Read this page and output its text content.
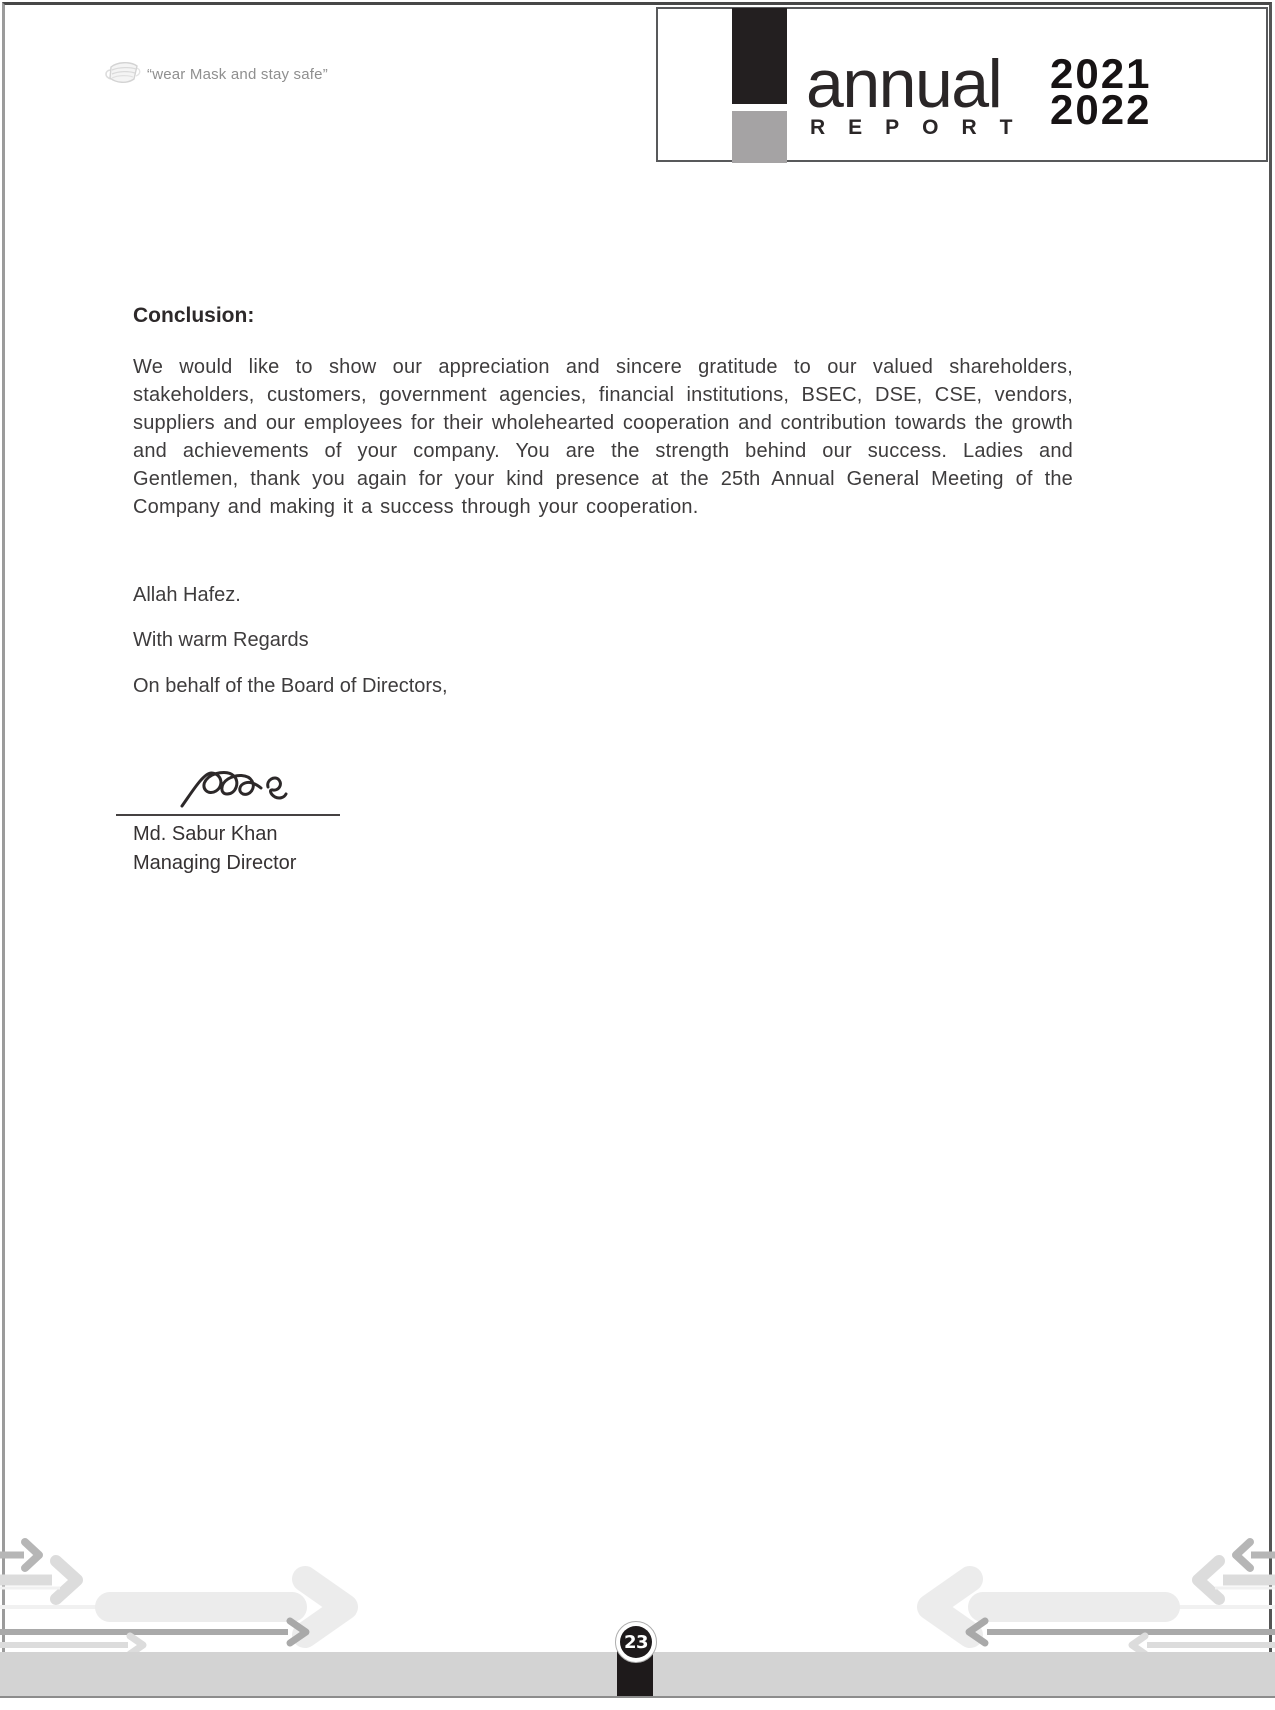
“wear Mask and stay safe”	annual
REPORT
2021
2022
Conclusion:

We would like to show our appreciation and sincere gratitude to our valued shareholders, stakeholders, customers, government agencies, financial institutions, BSEC, DSE, CSE, vendors, suppliers and our employees for their wholehearted cooperation and contribution towards the growth and achievements of your company. You are the strength behind our success. Ladies and Gentlemen, thank you again for your kind presence at the 25th Annual General Meeting of the Company and making it a success through your cooperation.

Allah Hafez.

With warm Regards

On behalf of the Board of Directors,

Md. Sabur Khan

Managing Director

23
